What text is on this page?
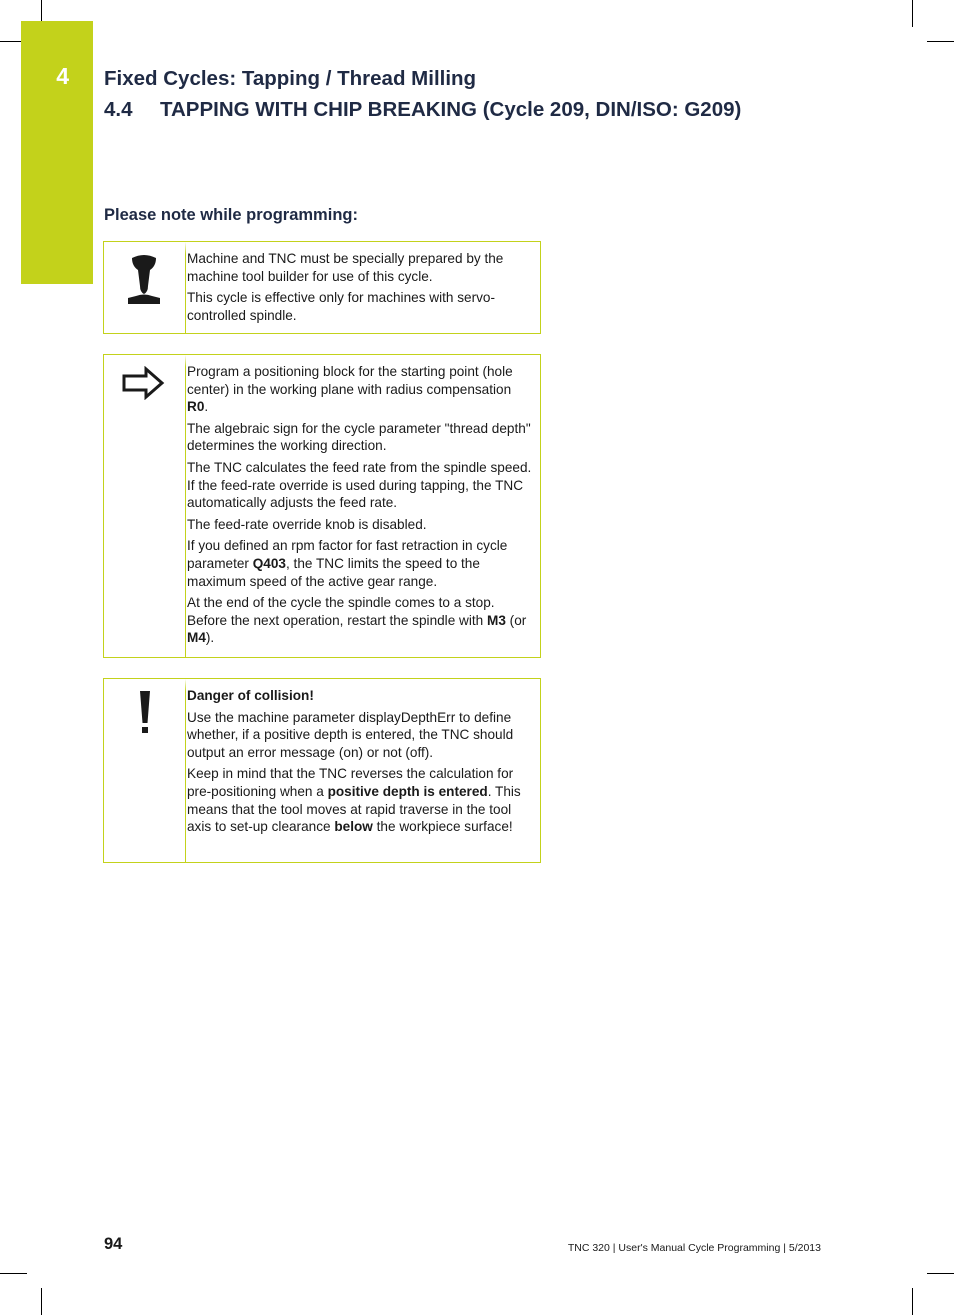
4 Fixed Cycles: Tapping / Thread Milling
4.4 TAPPING WITH CHIP BREAKING (Cycle 209, DIN/ISO: G209)
Please note while programming:

Machine and TNC must be specially prepared by the machine tool builder for use of this cycle.

This cycle is effective only for machines with servo-controlled spindle.

Program a positioning block for the starting point (hole center) in the working plane with radius compensation R0.

The algebraic sign for the cycle parameter "thread depth" determines the working direction.

The TNC calculates the feed rate from the spindle speed. If the feed-rate override is used during tapping, the TNC automatically adjusts the feed rate.

The feed-rate override knob is disabled.

If you defined an rpm factor for fast retraction in cycle parameter Q403, the TNC limits the speed to the maximum speed of the active gear range.

At the end of the cycle the spindle comes to a stop. Before the next operation, restart the spindle with M3 (or M4).

Danger of collision!

Use the machine parameter displayDepthErr to define whether, if a positive depth is entered, the TNC should output an error message (on) or not (off).

Keep in mind that the TNC reverses the calculation for pre-positioning when a positive depth is entered. This means that the tool moves at rapid traverse in the tool axis to set-up clearance below the workpiece surface!

94	TNC 320 | User's Manual Cycle Programming | 5/2013
